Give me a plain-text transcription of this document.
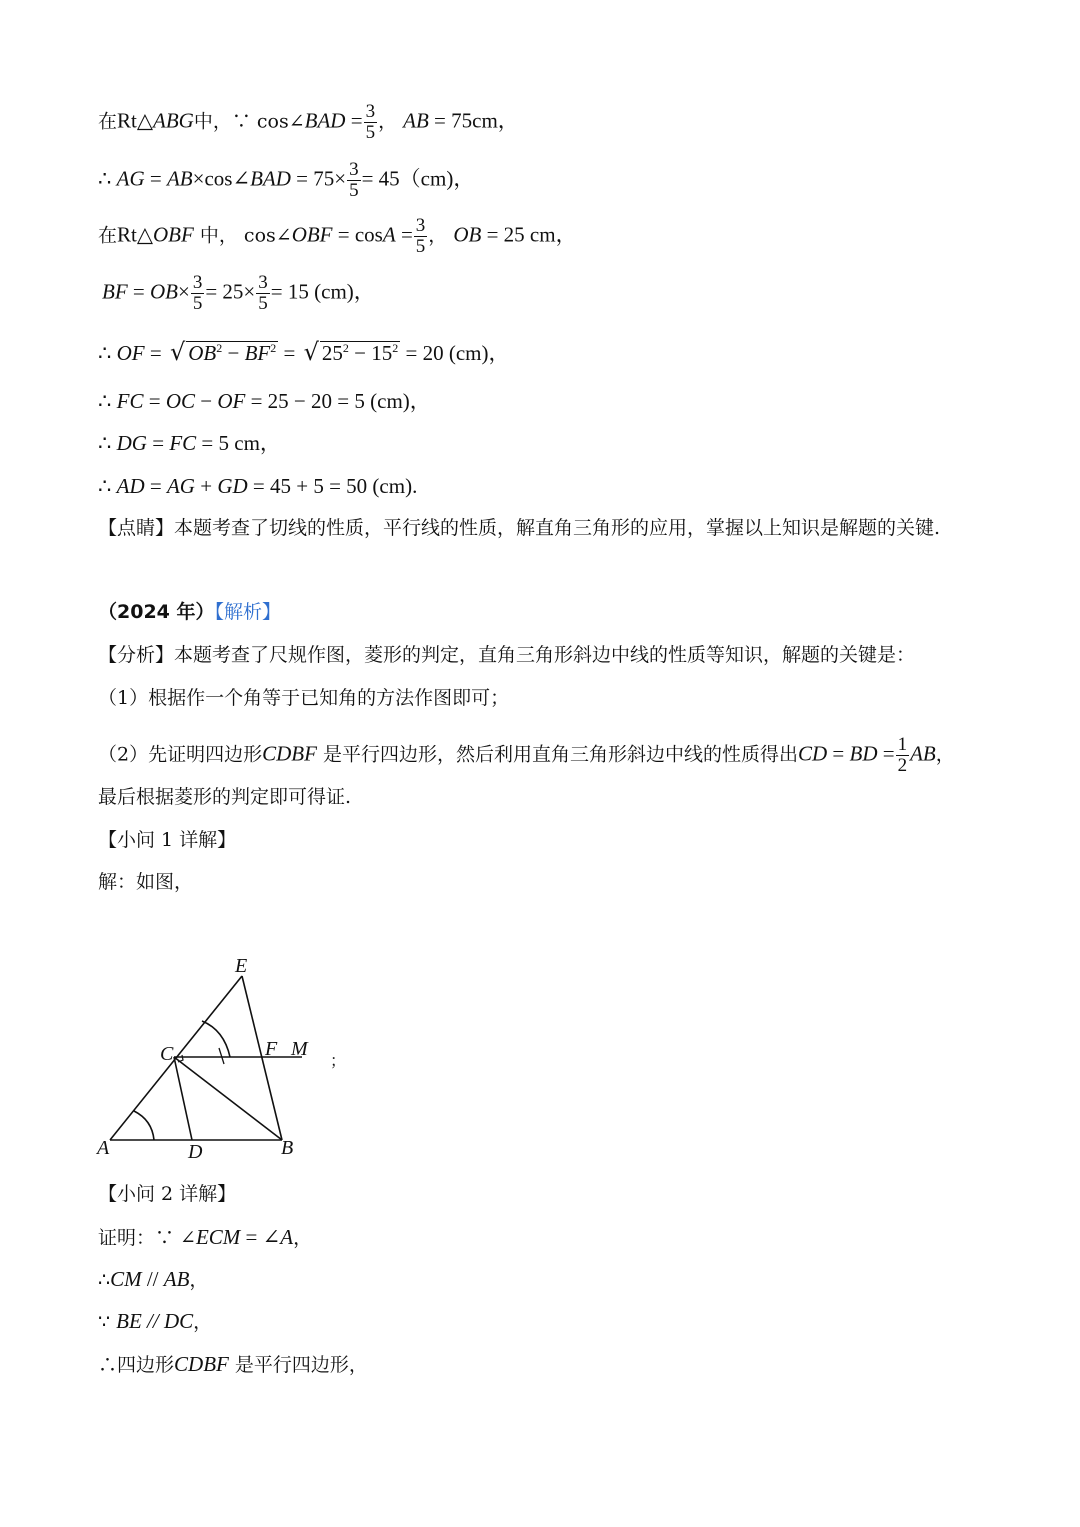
在Rt△ABG中，∵ cos∠BAD = $\frac{3}{5}$ ， AB = 75cm，
∴ AG = AB×cos∠BAD = $75\times \frac{3}{5} = 45(cm)$，
在Rt△OBF 中， cos∠OBF = $\cos A = \frac{3}{5}$ ， OB = 25 cm，
BF = $OB\times \frac{3}{5} = 25\times \frac{3}{5} = 15$ (cm)，
∴ OF = √ $OB^2 - BF^2$ = √ $25^2 - 15^2 = 20$ (cm)，
∴ FC = OC − OF = 25 − 20 = 5 (cm)，
∴ DG = FC = 5 cm，
∴ AD = AG + GD = 45 + 5 = 50 (cm).
【点睛】本题考查了切线的性质，平行线的性质，解直角三角形的应用，掌握以上知识是解题的关键.
（2024 年）【解析】
【分析】本题考查了尺规作图，菱形的判定，直角三角形斜边中线的性质等知识，解题的关键是：
（1）根据作一个角等于已知角的方法作图即可；
（2）先证明四边形CDBF 是平行四边形，然后利用直角三角形斜边中线的性质得出CD = BD = $\frac{1}{2}$ AB，
最后根据菱形的判定即可得证.
【小问 1 详解】
解：如图，
E
C	F M
A	D	B
；
【小问 2 详解】
证明：∵ ∠ECM = ∠A，
∴CM // AB，
∵ BE // DC，
∴四边形CDBF 是平行四边形，
